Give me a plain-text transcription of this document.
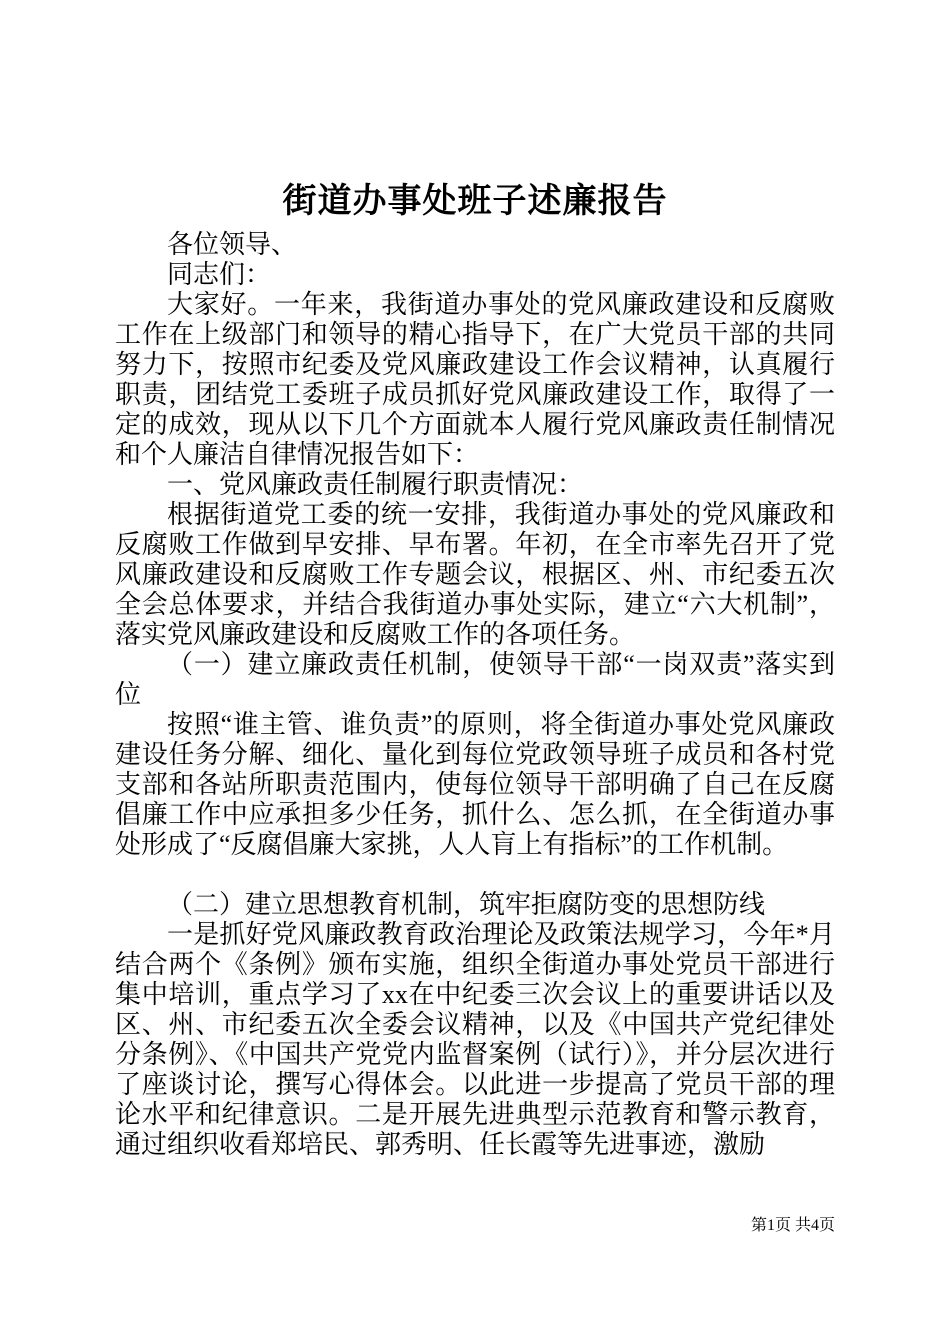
街道办事处班子述廉报告

各位领导、

同志们：

大家好。一年来，我街道办事处的党风廉政建设和反腐败工作在上级部门和领导的精心指导下，在广大党员干部的共同努力下，按照市纪委及党风廉政建设工作会议精神，认真履行职责，团结党工委班子成员抓好党风廉政建设工作，取得了一定的成效，现从以下几个方面就本人履行党风廉政责任制情况和个人廉洁自律情况报告如下：

一、党风廉政责任制履行职责情况：

根据街道党工委的统一安排，我街道办事处的党风廉政和反腐败工作做到早安排、早布署。年初，在全市率先召开了党风廉政建设和反腐败工作专题会议，根据区、州、市纪委五次全会总体要求，并结合我街道办事处实际，建立“六大机制”，落实党风廉政建设和反腐败工作的各项任务。

（一）建立廉政责任机制，使领导干部“一岗双责”落实到位

按照“谁主管、谁负责”的原则，将全街道办事处党风廉政建设任务分解、细化、量化到每位党政领导班子成员和各村党支部和各站所职责范围内，使每位领导干部明确了自己在反腐倡廉工作中应承担多少任务，抓什么、怎么抓，在全街道办事处形成了“反腐倡廉大家挑，人人肓上有指标”的工作机制。

（二）建立思想教育机制，筑牢拒腐防变的思想防线

一是抓好党风廉政教育政治理论及政策法规学习，今年*月结合两个《条例》颁布实施，组织全街道办事处党员干部进行集中培训，重点学习了xx在中纪委三次会议上的重要讲话以及区、州、市纪委五次全委会议精神，以及《中国共产党纪律处分条例》、《中国共产党党内监督案例（试行）》，并分层次进行了座谈讨论，撰写心得体会。以此进一步提高了党员干部的理论水平和纪律意识。二是开展先进典型示范教育和警示教育，通过组织收看郑培民、郭秀明、任长霞等先进事迹，激励

第1页 共4页
